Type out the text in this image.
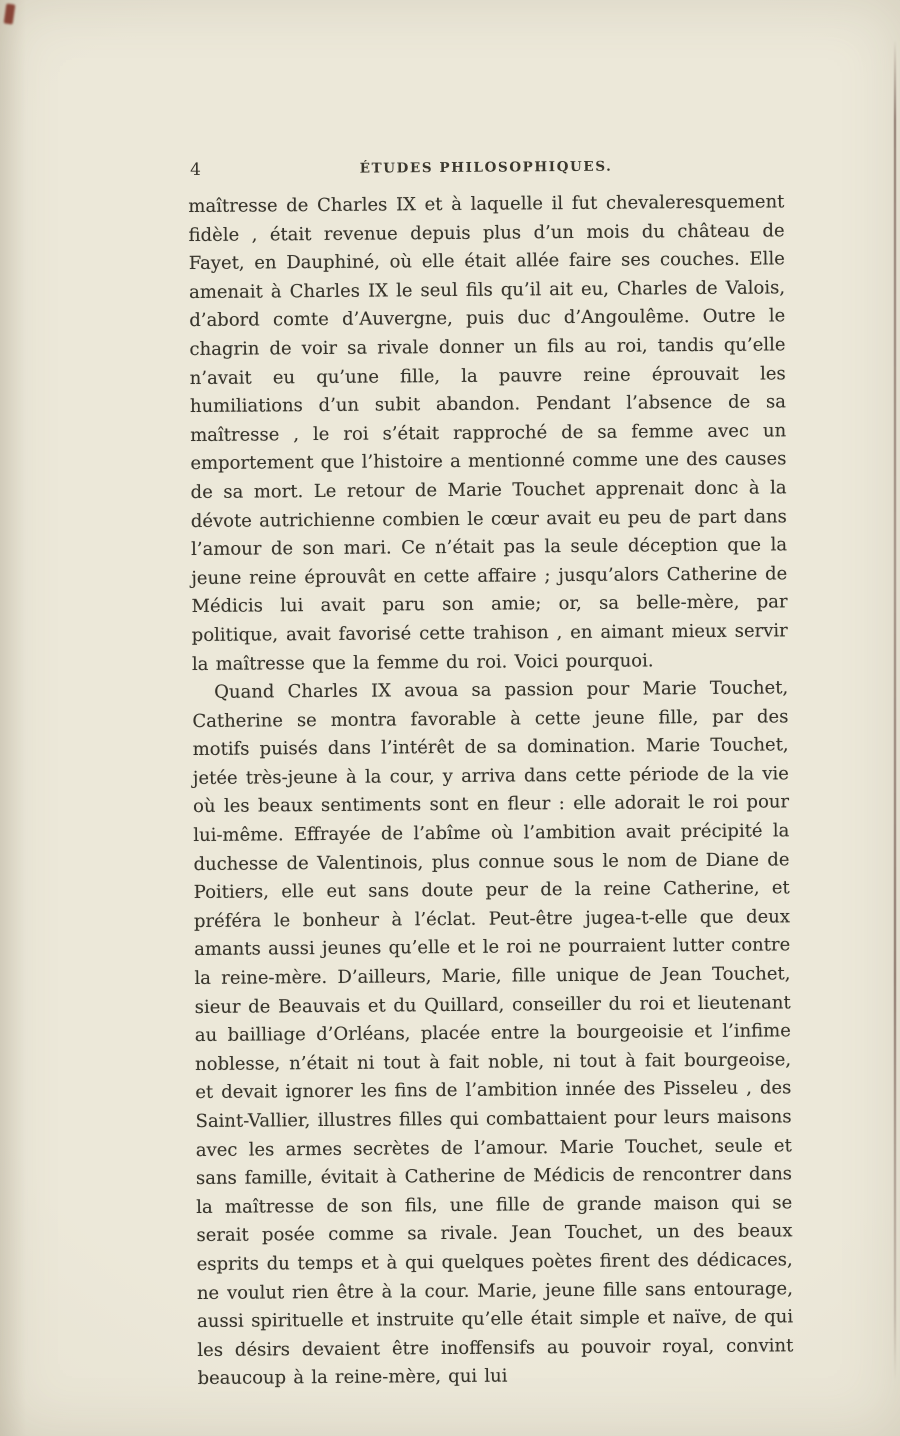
4	ÉTUDES PHILOSOPHIQUES.

maîtresse de Charles IX et à laquelle il fut chevaleresquement fidèle , était revenue depuis plus d’un mois du château de Fayet, en Dauphiné, où elle était allée faire ses couches. Elle amenait à Charles IX le seul fils qu’il ait eu, Charles de Valois, d’abord comte d’Auvergne, puis duc d’Angoulême. Outre le chagrin de voir sa rivale donner un fils au roi, tandis qu’elle n’avait eu qu’une fille, la pauvre reine éprouvait les humiliations d’un subit abandon. Pendant l’absence de sa maîtresse , le roi s’était rapproché de sa femme avec un emportement que l’histoire a mentionné comme une des causes de sa mort. Le retour de Marie Touchet apprenait donc à la dévote autrichienne combien le cœur avait eu peu de part dans l’amour de son mari. Ce n’était pas la seule déception que la jeune reine éprouvât en cette affaire ; jusqu’alors Catherine de Médicis lui avait paru son amie; or, sa belle-mère, par politique, avait favorisé cette trahison , en aimant mieux servir la maîtresse que la femme du roi. Voici pourquoi.

Quand Charles IX avoua sa passion pour Marie Touchet, Catherine se montra favorable à cette jeune fille, par des motifs puisés dans l’intérêt de sa domination. Marie Touchet, jetée très-jeune à la cour, y arriva dans cette période de la vie où les beaux sentiments sont en fleur : elle adorait le roi pour lui-même. Effrayée de l’abîme où l’ambition avait précipité la duchesse de Valentinois, plus connue sous le nom de Diane de Poitiers, elle eut sans doute peur de la reine Catherine, et préféra le bonheur à l’éclat. Peut-être jugea-t-elle que deux amants aussi jeunes qu’elle et le roi ne pourraient lutter contre la reine-mère. D’ailleurs, Marie, fille unique de Jean Touchet, sieur de Beauvais et du Quillard, conseiller du roi et lieutenant au bailliage d’Orléans, placée entre la bourgeoisie et l’infime noblesse, n’était ni tout à fait noble, ni tout à fait bourgeoise, et devait ignorer les fins de l’ambition innée des Pisseleu , des Saint-Vallier, illustres filles qui combattaient pour leurs maisons avec les armes secrètes de l’amour. Marie Touchet, seule et sans famille, évitait à Catherine de Médicis de rencontrer dans la maîtresse de son fils, une fille de grande maison qui se serait posée comme sa rivale. Jean Touchet, un des beaux esprits du temps et à qui quelques poètes firent des dédicaces, ne voulut rien être à la cour. Marie, jeune fille sans entourage, aussi spirituelle et instruite qu’elle était simple et naïve, de qui les désirs devaient être inoffensifs au pouvoir royal, convint beaucoup à la reine-mère, qui lui
